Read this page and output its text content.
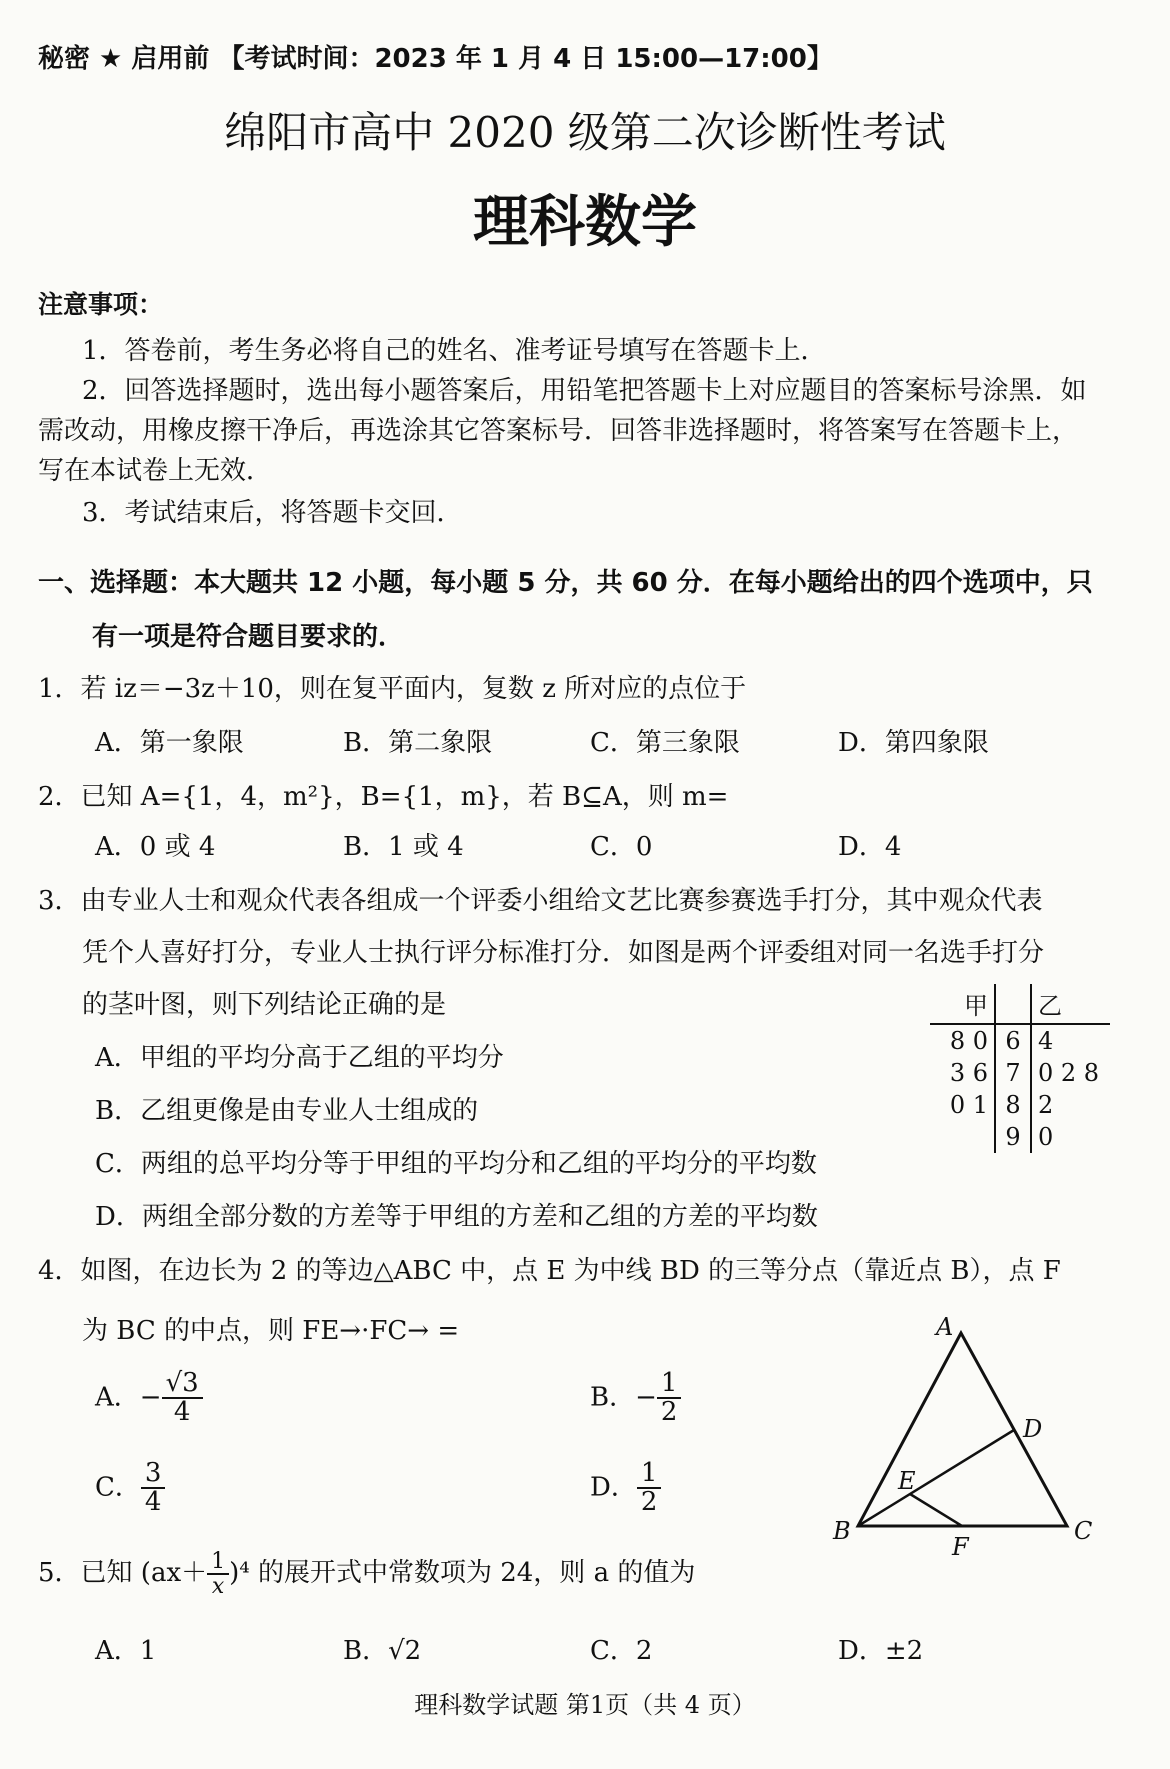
秘密 ★ 启用前 【考试时间：2023 年 1 月 4 日 15:00—17:00】
绵阳市高中 2020 级第二次诊断性考试
理科数学
注意事项：
1．答卷前，考生务必将自己的姓名、准考证号填写在答题卡上．
2．回答选择题时，选出每小题答案后，用铅笔把答题卡上对应题目的答案标号涂黑．如
需改动，用橡皮擦干净后，再选涂其它答案标号．回答非选择题时，将答案写在答题卡上，
写在本试卷上无效．
3．考试结束后，将答题卡交回．
一、选择题：本大题共 12 小题，每小题 5 分，共 60 分．在每小题给出的四个选项中，只
有一项是符合题目要求的．
1．若 iz＝−3z＋10，则在复平面内，复数 z 所对应的点位于
A．第一象限	B．第二象限	C．第三象限	D．第四象限
2．已知 A={1，4，m²}，B={1，m}，若 B⊆A，则 m=
A．0 或 4	B．1 或 4	C．0	D．4
3．由专业人士和观众代表各组成一个评委小组给文艺比赛参赛选手打分，其中观众代表
凭个人喜好打分，专业人士执行评分标准打分．如图是两个评委组对同一名选手打分
的茎叶图，则下列结论正确的是
A．甲组的平均分高于乙组的平均分
B．乙组更像是由专业人士组成的
C．两组的总平均分等于甲组的平均分和乙组的平均分的平均数
D．两组全部分数的方差等于甲组的方差和乙组的方差的平均数
甲		乙
8 0	6	4
3 6	7	0 2 8
0 1	8	2
	9	0
4．如图，在边长为 2 的等边△ABC 中，点 E 为中线 BD 的三等分点（靠近点 B），点 F
为 BC 的中点，则 FE→·FC→ =
A．− $\frac{√3}{4}$	B．− $\frac{1}{2}$
C． $\frac{3}{4}$	D． $\frac{1}{2}$
A
B	C
D
E
F
5．已知 $(ax+ \frac{1}{x} )^4$ 的展开式中常数项为 24，则 a 的值为
A．1	B．√2	C．2	D．±2
理科数学试题 第1页（共 4 页）
